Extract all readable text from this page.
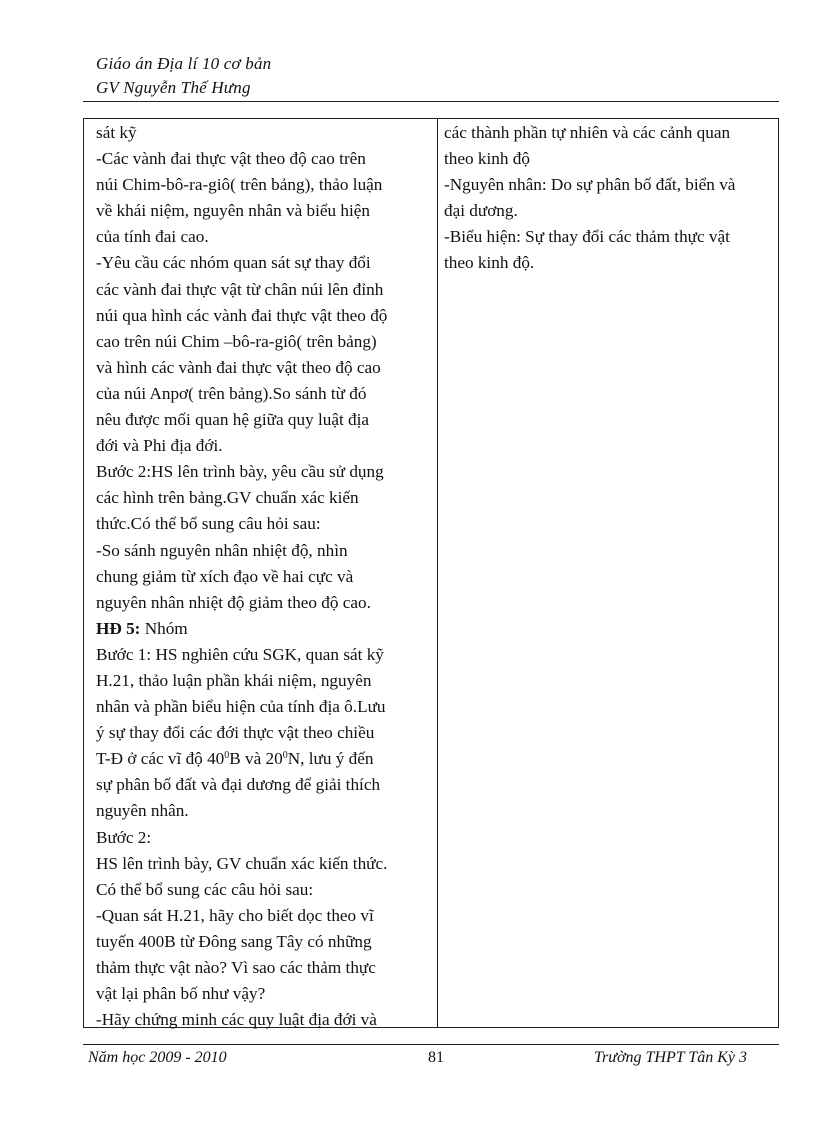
Giáo án Địa lí 10 cơ bản
GV Nguyễn Thế Hưng
sát kỹ
-Các vành đai thực vật theo độ cao trên
núi Chim-bô-ra-giô( trên bảng), thảo luận
về khái niệm, nguyên nhân và biểu hiện
của tính đai cao.
-Yêu cầu các nhóm quan sát sự thay đổi
các vành đai thực vật từ chân núi lên đỉnh
núi qua hình các vành đai thực vật theo độ
cao trên núi Chim –bô-ra-giô( trên bảng)
và hình các vành đai thực vật theo độ cao
của núi Anpơ( trên bảng).So sánh từ đó
nêu được mối quan hệ giữa quy luật địa
đới và Phi địa đới.
Bước 2:HS lên trình bày, yêu cầu sử dụng
các hình trên bảng.GV chuẩn xác kiến
thức.Có thể bổ sung câu hỏi sau:
-So sánh nguyên nhân nhiệt độ, nhìn
chung giảm từ xích đạo về hai cực và
nguyên nhân nhiệt độ giảm theo độ cao.
HĐ 5: Nhóm
Bước 1: HS nghiên cứu SGK, quan sát kỹ
H.21, thảo luận phần khái niệm, nguyên
nhân và phần biểu hiện của tính địa ô.Lưu
ý sự thay đổi các đới thực vật theo chiều
T-Đ ở các vĩ độ $40^0B$ và $20^0N$, lưu ý đến
sự phân bố đất và đại dương để giải thích
nguyên nhân.
Bước 2:
HS lên trình bày, GV chuẩn xác kiến thức.
Có thể bổ sung các câu hỏi sau:
-Quan sát H.21, hãy cho biết dọc theo vĩ
tuyến 400B từ Đông sang Tây có những
thảm thực vật nào? Vì sao các thảm thực
vật lại phân bố như vậy?
-Hãy chứng minh các quy luật địa đới và
các thành phần tự nhiên và các cảnh quan
theo kinh độ
-Nguyên nhân: Do sự phân bố đất, biển và
đại dương.
-Biểu hiện: Sự thay đổi các thảm thực vật
theo kinh độ.
Năm học 2009 - 2010	81	Trường THPT Tân Kỳ 3
